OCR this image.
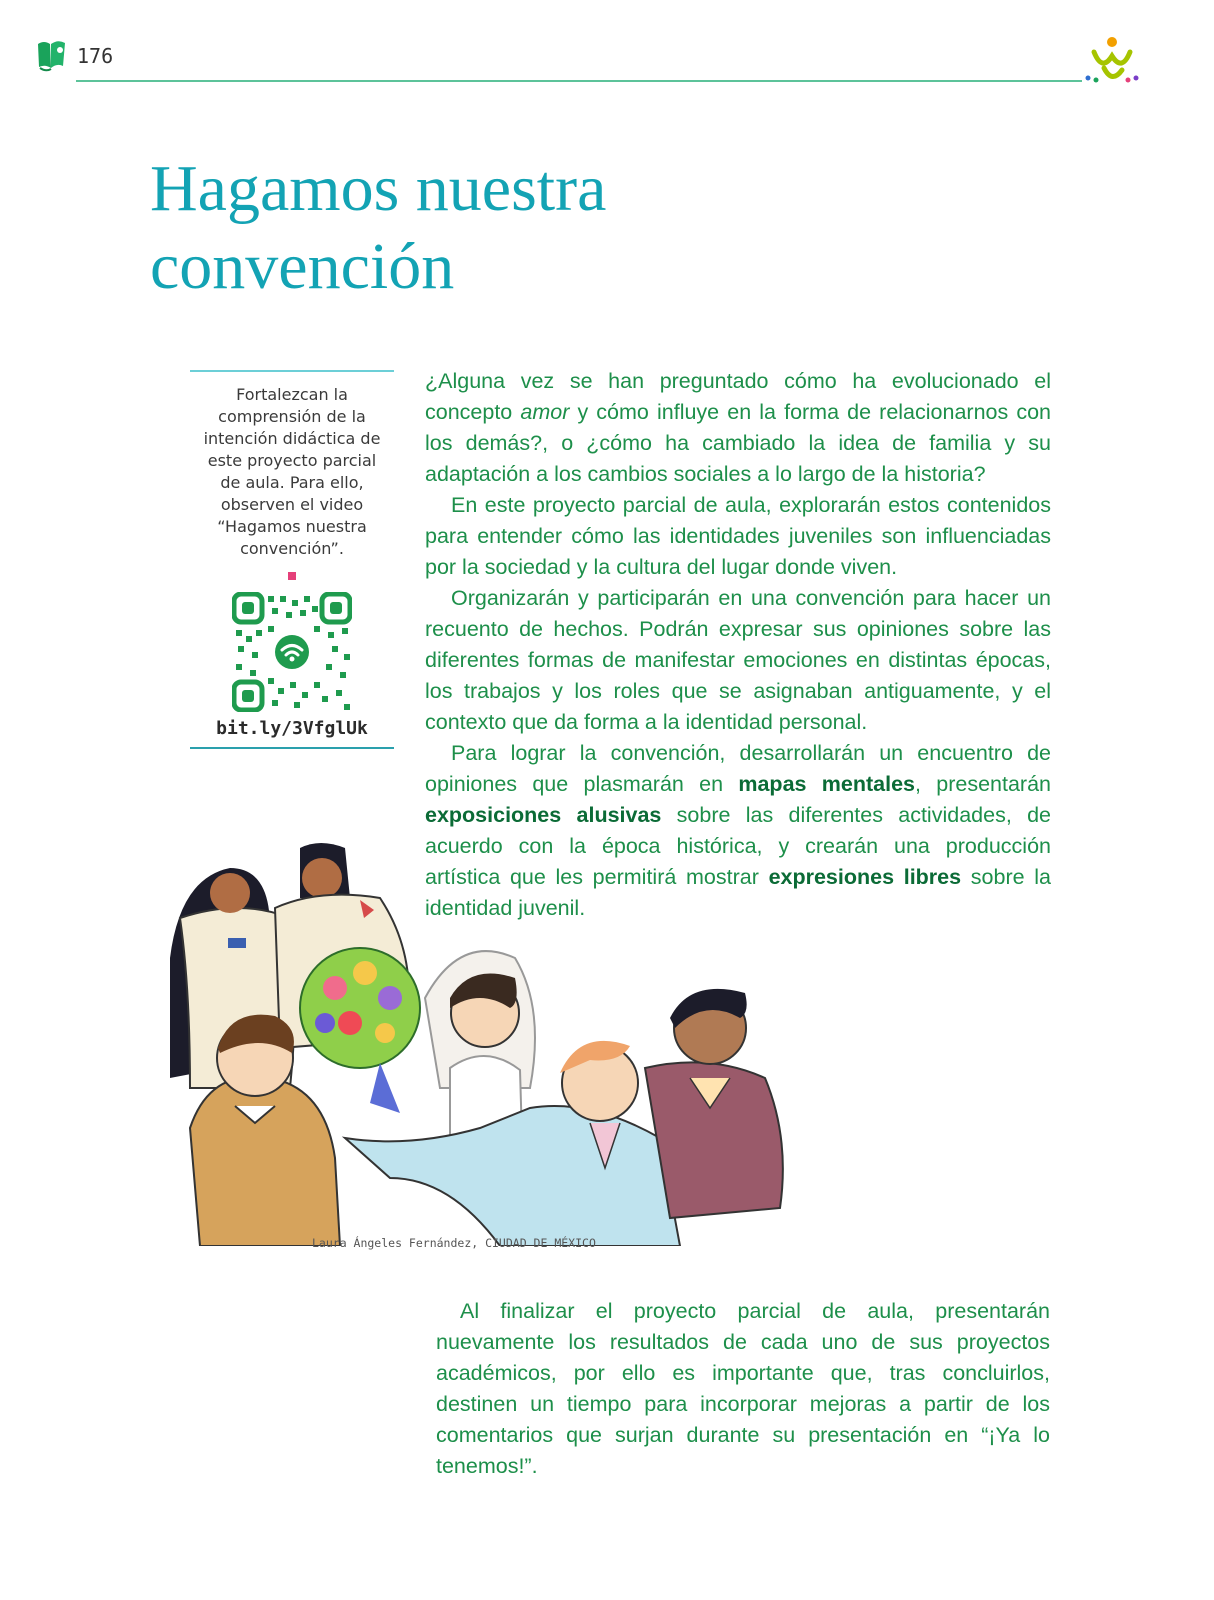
176
Hagamos nuestra convención
Fortalezcan la comprensión de la intención didáctica de este proyecto parcial de aula. Para ello, observen el video “Hagamos nuestra convención”.
bit.ly/3VfglUk

¿Alguna vez se han preguntado cómo ha evolucionado el concepto amor y cómo influye en la forma de relacionarnos con los demás?, o ¿cómo ha cambiado la idea de familia y su adaptación a los cambios sociales a lo largo de la historia?

En este proyecto parcial de aula, explorarán estos contenidos para entender cómo las identidades juveniles son influenciadas por la sociedad y la cultura del lugar donde viven.

Organizarán y participarán en una convención para hacer un recuento de hechos. Podrán expresar sus opiniones sobre las diferentes formas de manifestar emociones en distintas épocas, los trabajos y los roles que se asignaban antiguamente, y el contexto que da forma a la identidad personal.

Para lograr la convención, desarrollarán un encuentro de opiniones que plasmarán en mapas mentales, presentarán exposiciones alusivas sobre las diferentes actividades, de acuerdo con la época histórica, y crearán una producción artística que les permitirá mostrar expresiones libres sobre la identidad juvenil.

Laura Ángeles Fernández, CIUDAD DE MÉXICO

Al finalizar el proyecto parcial de aula, presentarán nuevamente los resultados de cada uno de sus proyectos académicos, por ello es importante que, tras concluirlos, destinen un tiempo para incorporar mejoras a partir de los comentarios que surjan durante su presentación en “¡Ya lo tenemos!”.
